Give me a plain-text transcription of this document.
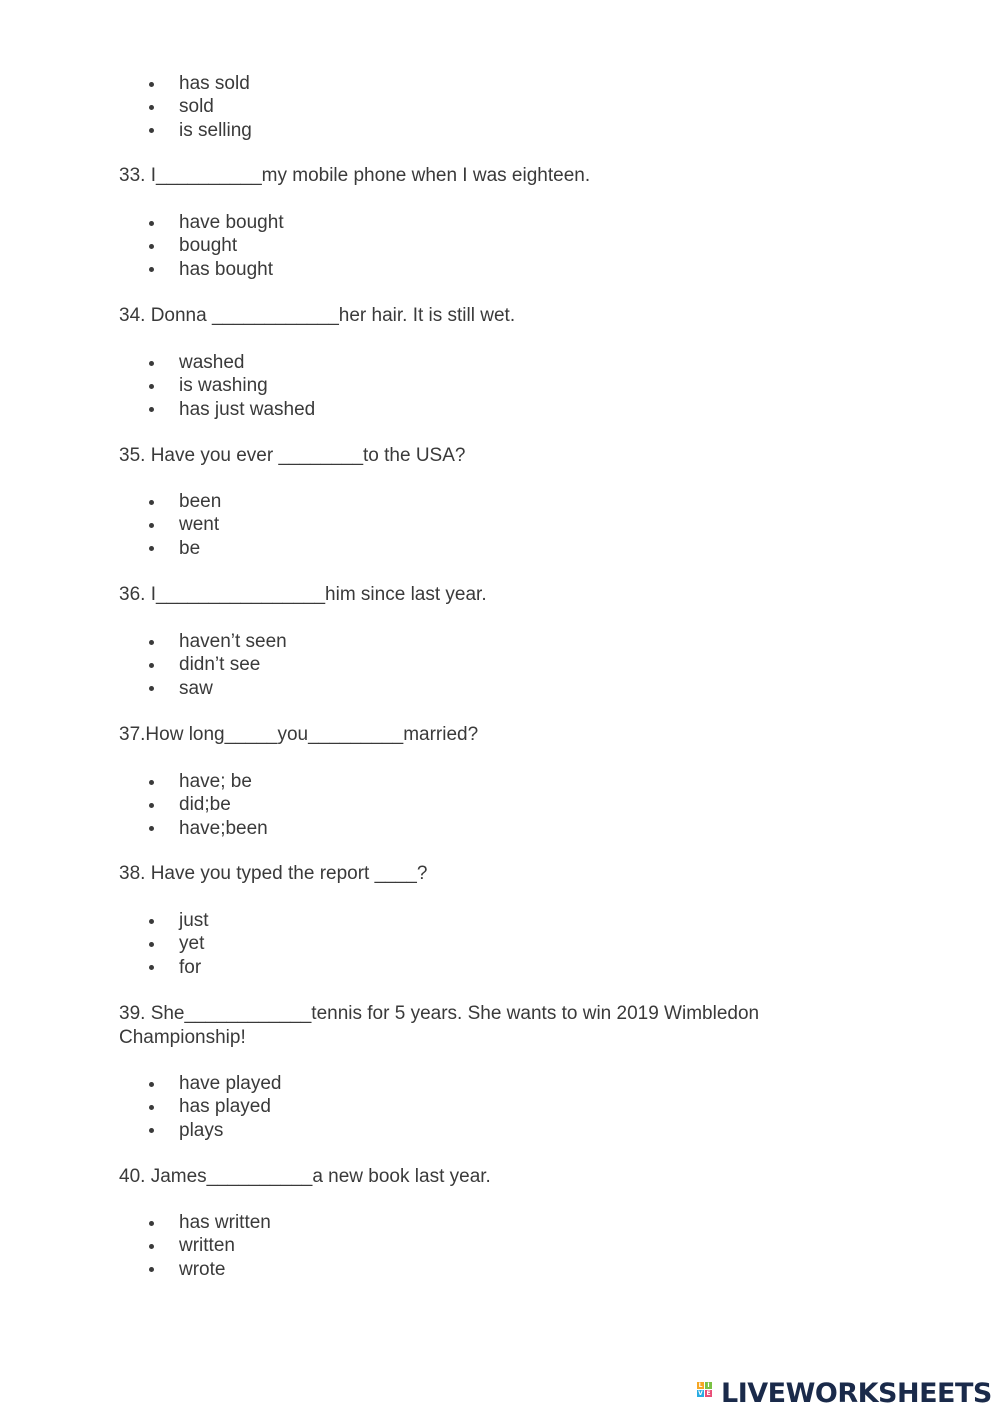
has sold
sold
is selling

33. I__________my mobile phone when I was eighteen.

have bought
bought
has bought

34. Donna ____________her hair. It is still wet.

washed
is washing
has just washed

35. Have you ever ________to the USA?

been
went
be

36. I________________him since last year.

haven’t seen
didn’t see
saw

37.How long_____you_________married?

have; be
did;be
have;been

38. Have you typed the report ____?

just
yet
for

39. She____________tennis for 5 years. She wants to win 2019 Wimbledon Championship!

have played
has played
plays

40. James__________a new book last year.

has written
written
wrote
L I
V E LIVEWORKSHEETS
